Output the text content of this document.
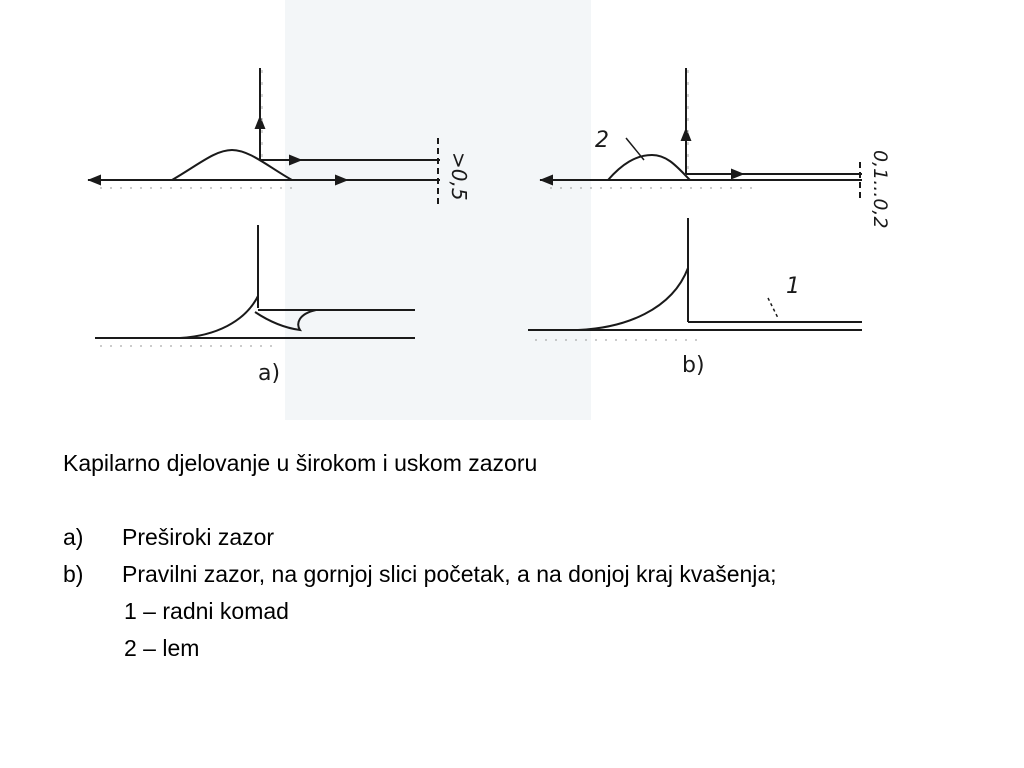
>0,5
2
0,1...0,2
a)
1
b)
Kapilarno djelovanje u širokom i uskom zazoru
a) Preširoki zazor
b) Pravilni zazor, na gornjoj slici početak, a na donjoj kraj kvašenja;
1 – radni komad
2 – lem
